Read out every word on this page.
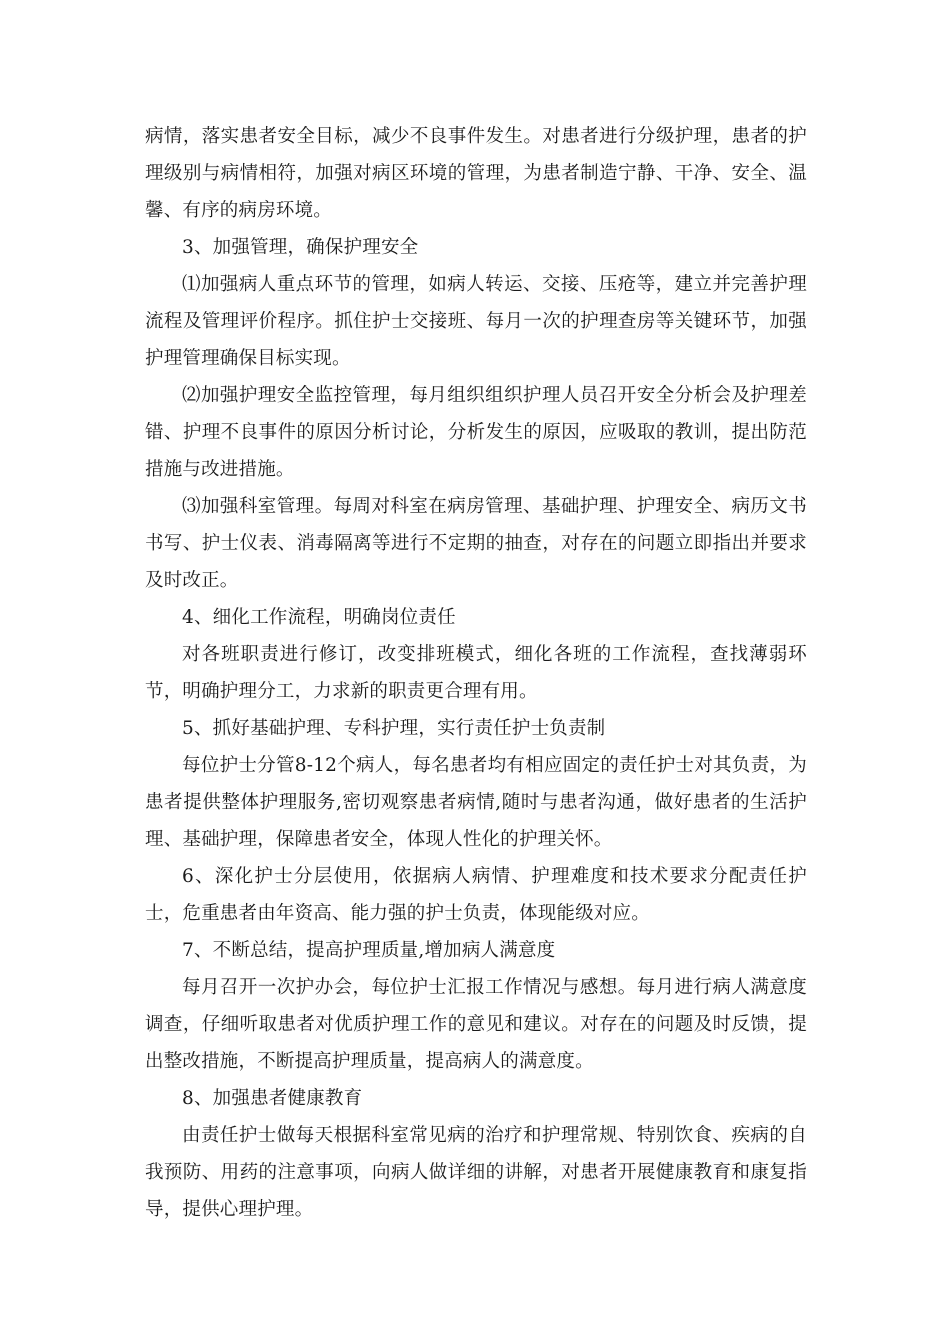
病情，落实患者安全目标，减少不良事件发生。对患者进行分级护理，患者的护理级别与病情相符，加强对病区环境的管理，为患者制造宁静、干净、安全、温馨、有序的病房环境。

3、加强管理，确保护理安全

⑴加强病人重点环节的管理，如病人转运、交接、压疮等，建立并完善护理流程及管理评价程序。抓住护士交接班、每月一次的护理查房等关键环节，加强护理管理确保目标实现。

⑵加强护理安全监控管理，每月组织组织护理人员召开安全分析会及护理差错、护理不良事件的原因分析讨论，分析发生的原因，应吸取的教训，提出防范措施与改进措施。

⑶加强科室管理。每周对科室在病房管理、基础护理、护理安全、病历文书书写、护士仪表、消毒隔离等进行不定期的抽查，对存在的问题立即指出并要求及时改正。

4、细化工作流程，明确岗位责任

对各班职责进行修订，改变排班模式，细化各班的工作流程，查找薄弱环节，明确护理分工，力求新的职责更合理有用。

5、抓好基础护理、专科护理，实行责任护士负责制

每位护士分管8-12个病人，每名患者均有相应固定的责任护士对其负责，为患者提供整体护理服务,密切观察患者病情,随时与患者沟通，做好患者的生活护理、基础护理，保障患者安全，体现人性化的护理关怀。

6、深化护士分层使用，依据病人病情、护理难度和技术要求分配责任护士，危重患者由年资高、能力强的护士负责，体现能级对应。

7、不断总结，提高护理质量,增加病人满意度

每月召开一次护办会，每位护士汇报工作情况与感想。每月进行病人满意度调查，仔细听取患者对优质护理工作的意见和建议。对存在的问题及时反馈，提出整改措施，不断提高护理质量，提高病人的满意度。

8、加强患者健康教育

由责任护士做每天根据科室常见病的治疗和护理常规、特别饮食、疾病的自我预防、用药的注意事项，向病人做详细的讲解，对患者开展健康教育和康复指导，提供心理护理。
